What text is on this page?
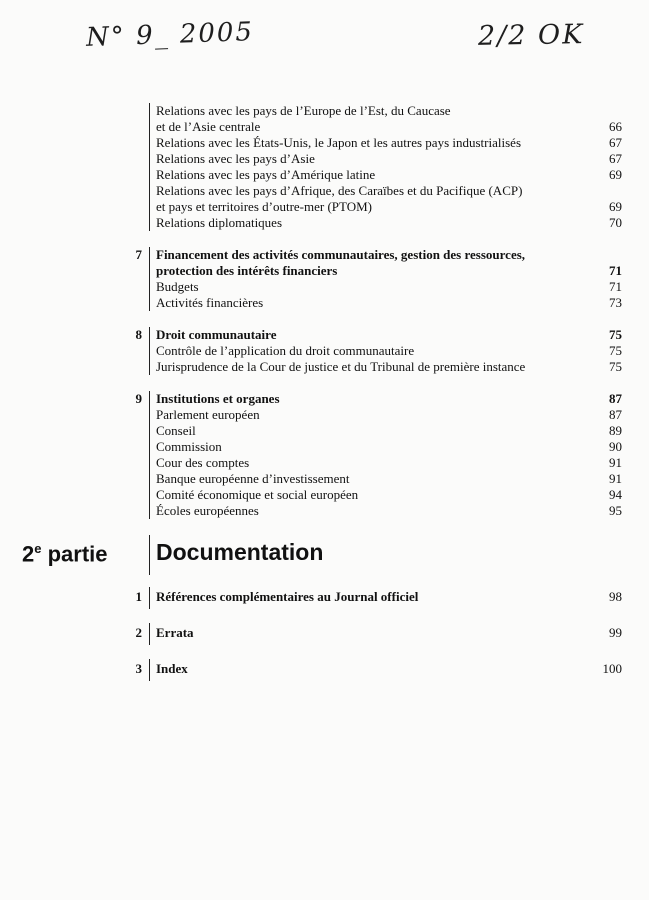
N° 9_ 2005	2/2 OK
Relations avec les pays de l’Europe de l’Est, du Caucase
et de l’Asie centrale	66
Relations avec les États-Unis, le Japon et les autres pays industrialisés	67
Relations avec les pays d’Asie	67
Relations avec les pays d’Amérique latine	69
Relations avec les pays d’Afrique, des Caraïbes et du Pacifique (ACP)
et pays et territoires d’outre-mer (PTOM)	69
Relations diplomatiques	70
7 Financement des activités communautaires, gestion des ressources,
protection des intérêts financiers	71
Budgets	71
Activités financières	73
8 Droit communautaire	75
Contrôle de l’application du droit communautaire	75
Jurisprudence de la Cour de justice et du Tribunal de première instance	75
9 Institutions et organes	87
Parlement européen	87
Conseil	89
Commission	90
Cour des comptes	91
Banque européenne d’investissement	91
Comité économique et social européen	94
Écoles européennes	95
2e partie Documentation
1 Références complémentaires au Journal officiel	98
2 Errata	99
3 Index	100
